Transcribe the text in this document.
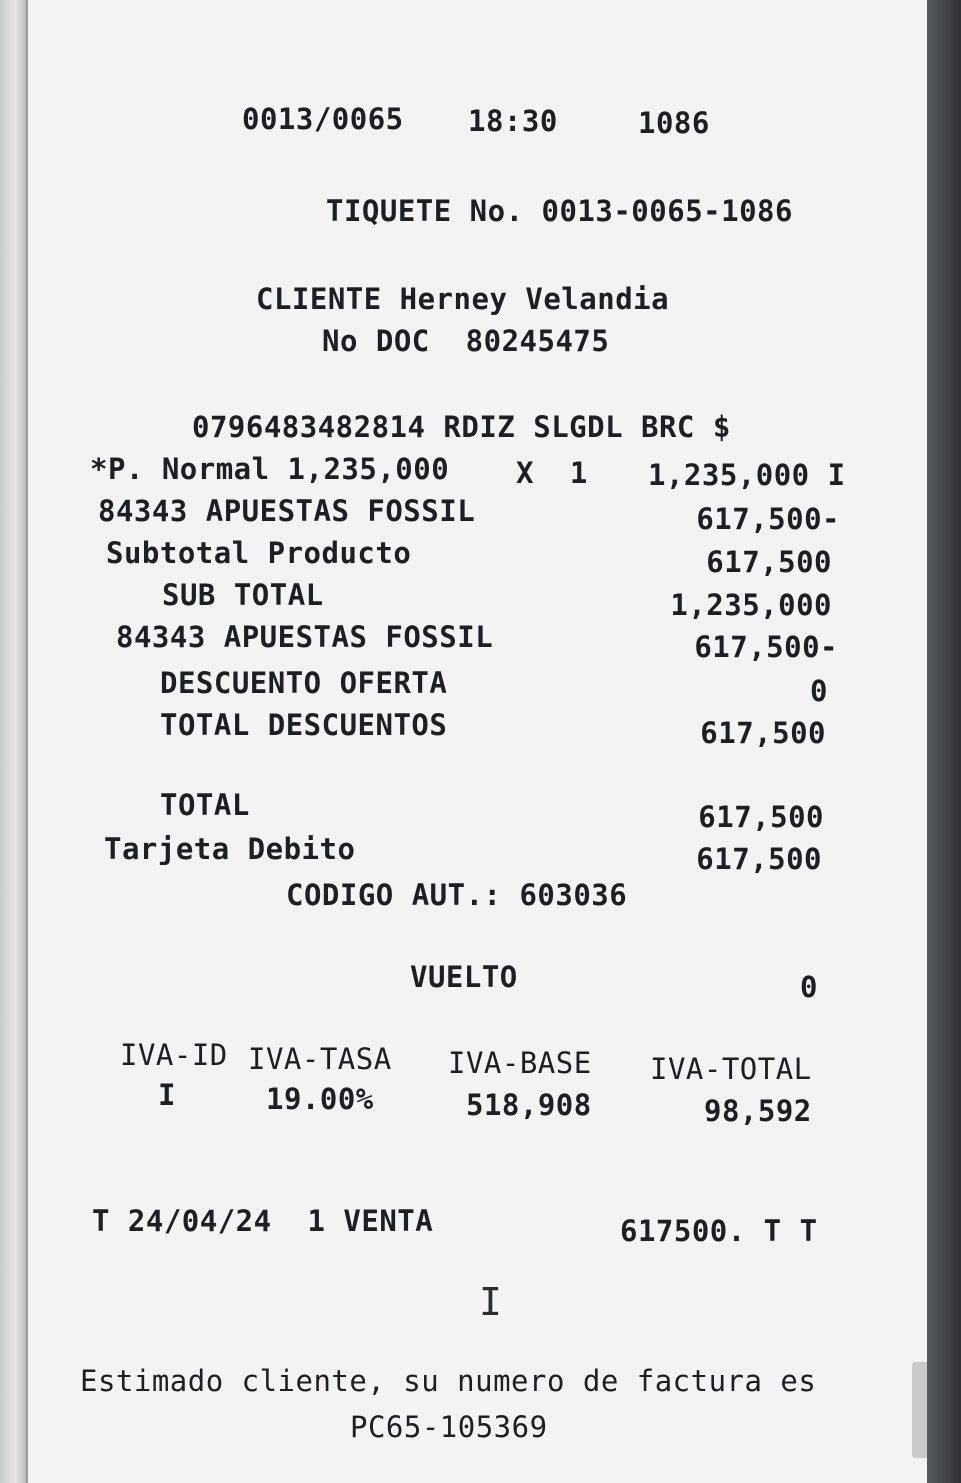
0013/0065 18:30	1086
TIQUETE No. 0013-0065-1086
CLIENTE Herney Velandia
No DOC  80245475
0796483482814 RDIZ SLGDL BRC $
*P. Normal 1,235,000 X  1 1,235,000 I
84343 APUESTAS FOSSIL	617,500-
Subtotal Producto	617,500
SUB TOTAL	1,235,000
84343 APUESTAS FOSSIL	617,500-
DESCUENTO OFERTA	0
TOTAL DESCUENTOS	617,500
TOTAL	617,500
Tarjeta Debito	617,500
CODIGO AUT.: 603036
VUELTO	0
IVA-ID IVA-TASA IVA-BASE IVA-TOTAL
I	19.00%	518,908	98,592
T 24/04/24  1 VENTA	617500. T T
Estimado cliente, su numero de factura es
PC65-105369
I
